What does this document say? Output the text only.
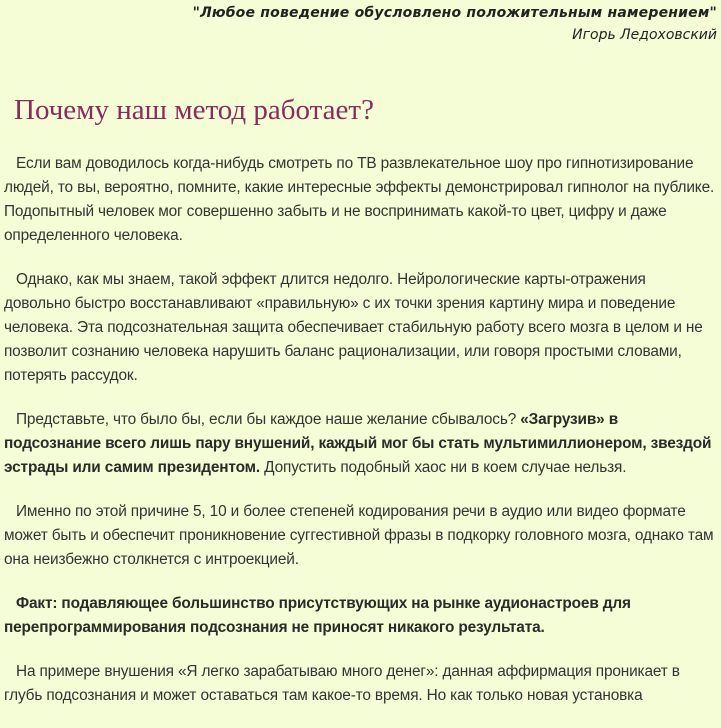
"Любое поведение обусловлено положительным намерением"
Игорь Ледоховский
Почему наш метод работает?

Если вам доводилось когда-нибудь смотреть по ТВ развлекательное шоу про гипнотизирование людей, то вы, вероятно, помните, какие интересные эффекты демонстрировал гипнолог на публике. Подопытный человек мог совершенно забыть и не воспринимать какой-то цвет, цифру и даже определенного человека.

Однако, как мы знаем, такой эффект длится недолго. Нейрологические карты-отражения довольно быстро восстанавливают «правильную» с их точки зрения картину мира и поведение человека. Эта подсознательная защита обеспечивает стабильную работу всего мозга в целом и не позволит сознанию человека нарушить баланс рационализации, или говоря простыми словами, потерять рассудок.

Представьте, что было бы, если бы каждое наше желание сбывалось? «Загрузив» в подсознание всего лишь пару внушений, каждый мог бы стать мультимиллионером, звездой эстрады или самим президентом. Допустить подобный хаос ни в коем случае нельзя.

Именно по этой причине 5, 10 и более степеней кодирования речи в аудио или видео формате может быть и обеспечит проникновение суггестивной фразы в подкорку головного мозга, однако там она неизбежно столкнется с интроекцией.

Факт: подавляющее большинство присутствующих на рынке аудионастроев для перепрограммирования подсознания не приносят никакого результата.

На примере внушения «Я легко зарабатываю много денег»: данная аффирмация проникает в глубь подсознания и может оставаться там какое-то время. Но как только новая установка
